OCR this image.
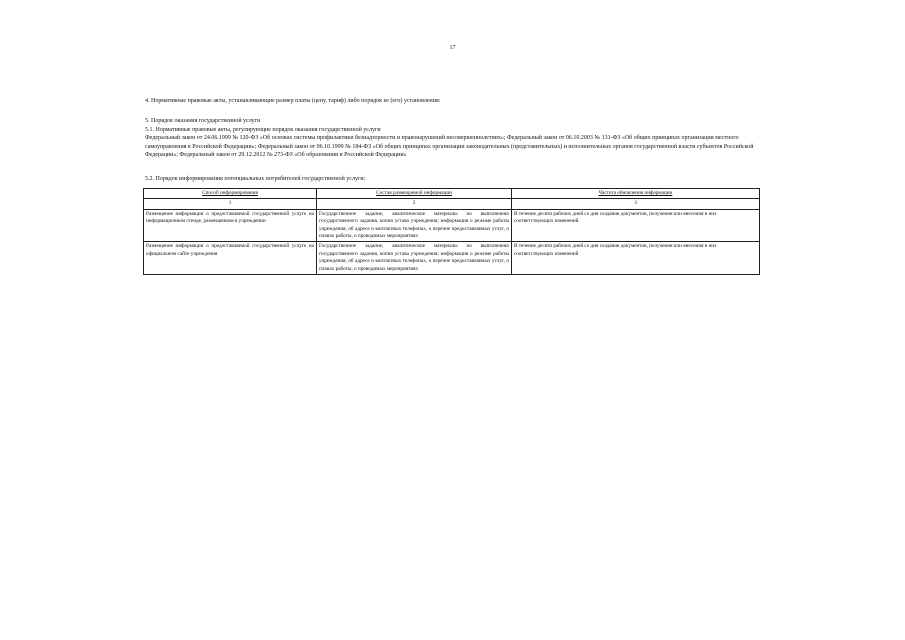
17
4. Нормативные правовые акты, устанавливающие размер платы (цену, тариф) либо порядок ее (его) установления:
5. Порядок оказания государственной услуги
5.1. Нормативные правовые акты, регулирующие порядок оказания государственной услуги
Федеральный закон от 24.06.1999 № 120-ФЗ «Об основах системы профилактики безнадзорности и правонарушений несовершеннолетних»; Федеральный закон от 06.10.2003 № 131-ФЗ «Об общих принципах организации местного самоуправления в Российской Федерации»; Федеральный закон от 06.10.1999 № 184-ФЗ «Об общих принципах организации законодательных (представительных) и исполнительных органов государственной власти субъектов Российской Федерации»; Федеральный закон от 29.12.2012 № 273-ФЗ «Об образовании в Российской Федерации»
5.2. Порядок информирования потенциальных потребителей государственной услуги:
Способ информирования	Состав размещаемой информации	Частота обновления информации
1	2	3
Размещение информации о предоставляемой государственной услуге на информационном стенде, размещенном в учреждении	Государственное задание, аналитические материалы по выполнению государственного задания, копия устава учреждения; информация о режиме работы учреждения, об адресе и контактных телефонах, о перечне предоставляемых услуг, о планах работы, о проводимых мероприятиях	В течение десяти рабочих дней со дня создания документов, получения или внесения в них соответствующих изменений
Размещение информации о предоставляемой государственной услуге на официальном сайте учреждения	Государственное задание, аналитические материалы по выполнению государственного задания, копия устава учреждения; информация о режиме работы учреждения, об адресе и контактных телефонах, о перечне предоставляемых услуг, о планах работы, о проводимых мероприятиях	В течение десяти рабочих дней со дня создания документов, получения или внесения в них соответствующих изменений
